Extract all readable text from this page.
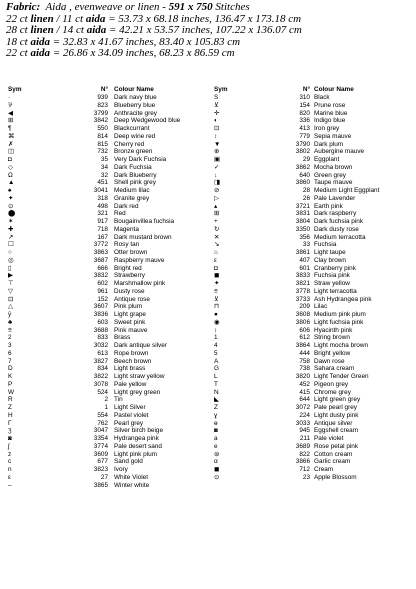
Fabric: Aida , evenweave or linen - 591 x 750 Stitches
22 ct linen / 11 ct aida = 53.73 x 68.18 inches, 136.47 x 173.18 cm
28 ct linen / 14 ct aida = 42.21 x 53.57 inches, 107.22 x 136.07 cm
18 ct aida = 32.83 x 41.67 inches, 83.40 x 105.83 cm
22 ct aida = 26.86 x 34.09 inches, 68.23 x 86.59 cm
Sym	N° Colour Name
·	939 Dark navy blue
⅌	823 Blueberry blue
◀	3799 Anthracite grey
⊞	3842 Deep Wedgewood blue
¶	550 Blackcurrant
⌘	814 Deep wine red
✗	815 Cherry red
◫	732 Bronze green
◘	35 Very Dark Fuchsia
◇	34 Dark Fuchsia
Ω	32 Dark Blueberry
▲	451 Shell pink grey
♠	3041 Medium lilac
✦	318 Granite grey
⊙	498 Dark red
⬤	321 Red
✶	917 Bougainvillea fuchsia
✚	718 Magenta
↗	167 Dark mustard brown
☐	3772 Rosy tan
○	3863 Otter brown
◎	3687 Raspberry mauve
▯	666 Bright red
▶	3832 Strawberry
⊤	602 Marshmallow pink
▽	961 Dusty rose
⊡	152 Antique rose
△	3607 Pink plum
ȳ	3836 Light grape
♣	603 Sweet pink
≡	3688 Pink mauve
2	833 Brass
3	3032 Dark antique silver
6	613 Rope brown
7	3827 Beech brown
D	834 Light brass
K	3822 Light straw yellow
P	3078 Pale yellow
W	524 Light grey green
R	2 Tin
Z	1 Light Silver
H	554 Pastel violet
Γ	762 Pearl grey
ʒ	3047 Silver birch beige
◙	3354 Hydrangea pink
ʃ	3774 Pale desert sand
z	3609 Light pink plum
c	677 Sand gold
n	3823 Ivory
ε	27 White Violet
–	3865 Winter white
Sym	N° Colour Name
S	310 Black
⊻	154 Prune rose
✛	820 Marine blue
◐	336 Indigo blue
⊡	413 Iron grey
↕	779 Sepia mauve
▼	3790 Dark plum
⊕	3802 Aubergine mauve
▣	29 Eggplant
✓	3862 Mocha brown
↓	640 Green grey
◨	3860 Taupe mauve
⊘	28 Medium Light Eggplant
▷	26 Pale Lavender
▴	3721 Earth pink
⊞	3831 Dark raspberry
+	3804 Dark fuchsia pink
↻	3350 Dark dusty rose
✕	356 Medium terracotta
↘	33 Fuchsia
⌂	3861 Light taupe
ε	407 Clay brown
◘	601 Cranberry pink
◼	3833 Fuchsia pink
✦	3821 Straw yellow
≡	3778 Light terracotta
⊻	3733 Ash Hydrangea pink
⊓	209 Lilac
●	3608 Medium pink plum
◉	3806 Light fuchsia pink
↕	606 Hyacinth pink
1	612 String brown
4	3864 Light mocha brown
5	444 Bright yellow
A	758 Dawn rose
G	738 Sahara cream
L	3820 Light Tender Green
T	452 Pigeon grey
N	415 Chrome grey
◣	644 Light green grey
Z	3072 Pale pearl grey
ɣ	224 Light dusty pink
ɵ	3033 Antique silver
◙	945 Eggshell cream
a	211 Pale violet
e	3689 Rose petal pink
⊜	822 Cotton cream
α	3866 Garlic cream
◼	712 Cream
⊙	23 Apple Blossom
